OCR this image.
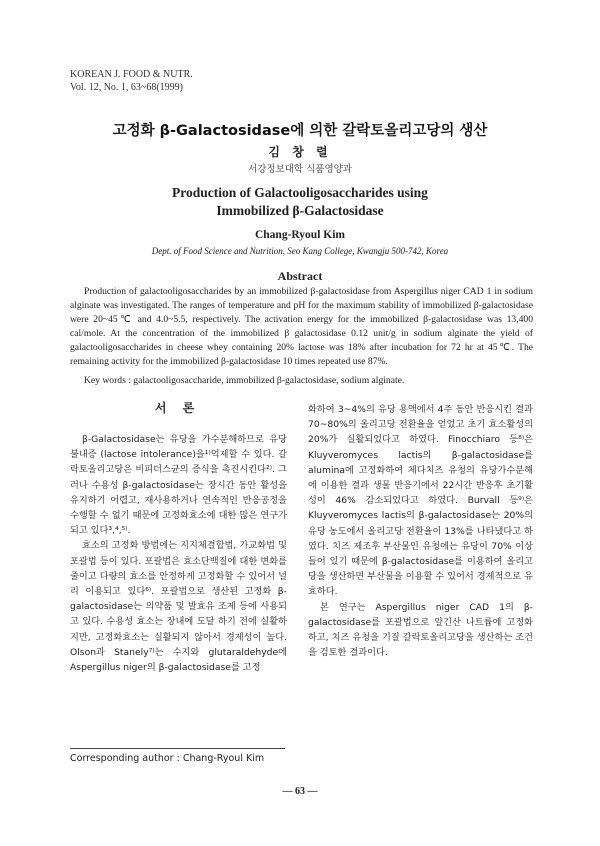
KOREAN J. FOOD & NUTR.
Vol. 12, No. 1, 63~68(1999)
고정화 β-Galactosidase에 의한 갈락토올리고당의 생산
김 창 렬
서강정보대학 식품영양과
Production of Galactooligosaccharides using
Immobilized β-Galactosidase
Chang-Ryoul Kim
Dept. of Food Science and Nutrition, Seo Kang College, Kwangju 500-742, Korea
Abstract
Production of galactooligosaccharides by an immobilized β-galactosidase from Aspergillus niger CAD 1 in sodium alginate was investigated. The ranges of temperature and pH for the maximum stability of immobilized β-galactosidase were 20~45℃ and 4.0~5.5, respectively. The activation energy for the immobilized β-galactosidase was 13,400 cal/mole. At the concentration of the immobilized β galactosidase 0.12 unit/g in sodium alginate the yield of galactooligosaccharides in cheese whey containing 20% lactose was 18% after incubation for 72 hr at 45℃. The remaining activity for the immobilized β-galactosidase 10 times repeated use 87%.
Key words : galactooligosaccharide, immobilized β-galactosidase, sodium alginate.
서 론

β-Galactosidase는 유당을 가수분해하므로 유당불내증 (lactose intolerance)을¹⁾억제할 수 있다. 갈락토올리고당은 비피더스균의 증식을 촉진시킨다²⁾. 그러나 수용성 β-galactosidase는 장시간 동안 활성을 유지하기 어렵고, 재사용하거나 연속적인 반응공정을 수행할 수 없기 때문에 고정화효소에 대한 많은 연구가 되고 있다³,⁴,⁵⁾.

효소의 고정화 방법에는 지지체결합법, 가교화법 및 포괄법 등이 있다. 포괄법은 효소단백질에 대한 변화를 줄이고 다량의 효소를 안정하게 고정화할 수 있어서 널리 이용되고 있다⁶⁾. 포괄법으로 생산된 고정화 β-galactosidase는 의약품 및 발효유 조제 등에 사용되고 있다. 수용성 효소는 장내에 도달 하기 전에 실활하지만, 고정화효소는 실활되지 않아서 경제성이 높다. Olson과 Stanely⁷⁾는 수지와 glutaraldehyde에 Aspergillus niger의 β-galactosidase를 고정

화하여 3~4%의 유당 용액에서 4주 동안 반응시킨 결과 70~80%의 올리고당 전환율을 얻었고 초기 효소활성의 20%가 실활되었다고 하였다. Finocchiaro 등⁸⁾은 Kluyveromyces lactis의 β-galactosidase를 alumina에 고정화하여 체다치즈 유청의 유당가수분해에 이용한 결과 생물 반응기에서 22시간 반응후 초기활성이 46% 감소되었다고 하였다. Burvall 등⁹⁾은 Kluyveromyces lactis의 β-galactosidase는 20%의 유당 농도에서 올리고당 전환율이 13%를 나타냈다고 하였다. 치즈 제조후 부산물인 유청에는 유당이 70% 이상 들어 있기 때문에 β-galactosidase를 이용하여 올리고당을 생산하면 부산물을 이용할 수 있어서 경제적으로 유효하다.

본 연구는 Aspergillus niger CAD 1의 β-galactosidase를 포괄법으로 알긴산 나트륨에 고정화하고, 치즈 유청을 기질 갈락토올리고당을 생산하는 조건을 검토한 결과이다.

Corresponding author : Chang-Ryoul Kim
— 63 —
